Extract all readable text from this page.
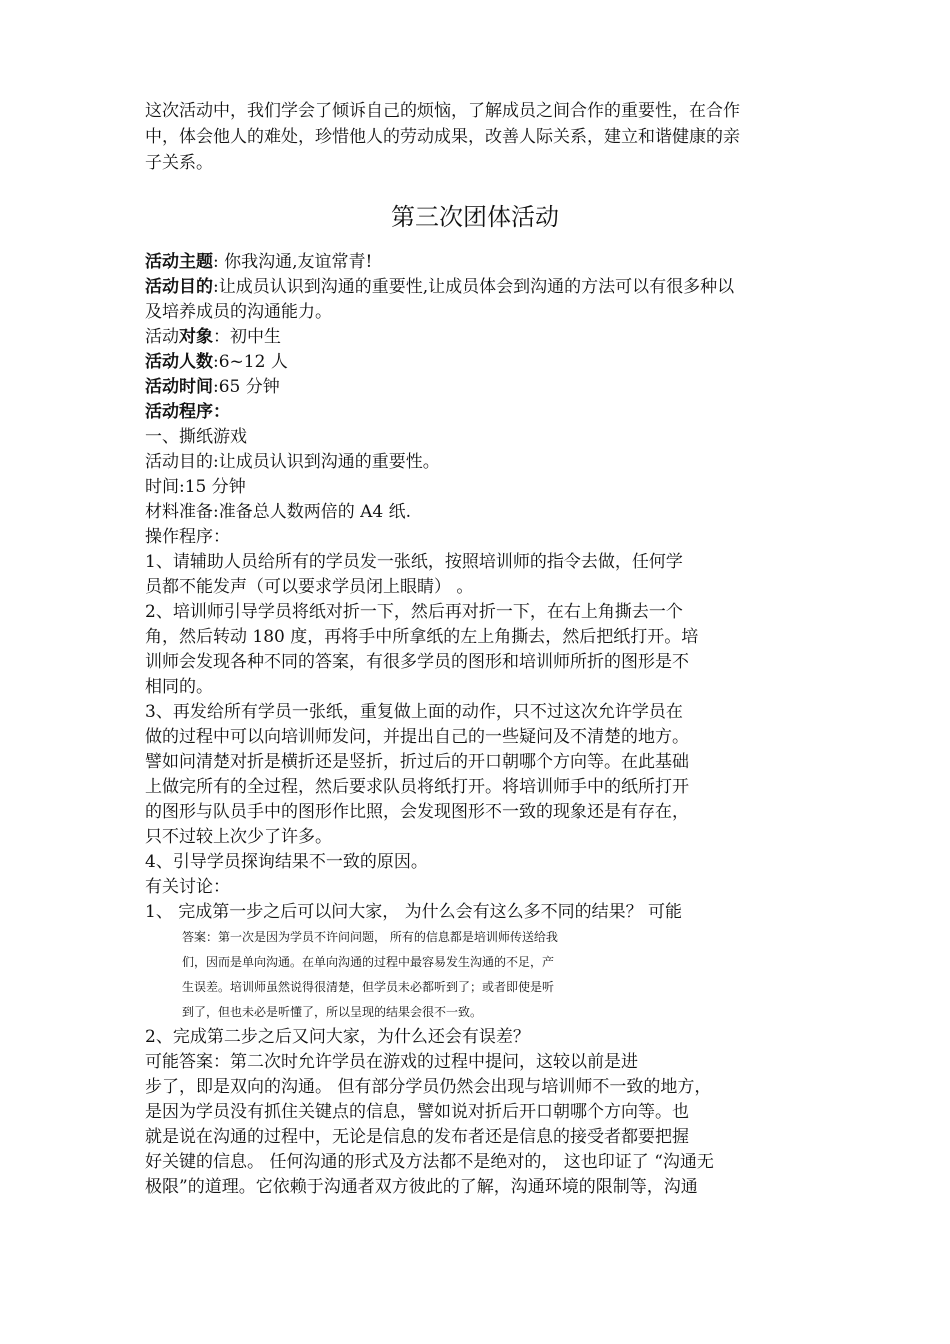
这次活动中，我们学会了倾诉自己的烦恼，了解成员之间合作的重要性，在合作
中，体会他人的难处，珍惜他人的劳动成果，改善人际关系，建立和谐健康的亲
子关系。
第三次团体活动
活动主题: 你我沟通,友谊常青!
活动目的:让成员认识到沟通的重要性,让成员体会到沟通的方法可以有很多种以
及培养成员的沟通能力。
活动对象：初中生
活动人数:6~12 人
活动时间:65 分钟
活动程序：
一、撕纸游戏
活动目的:让成员认识到沟通的重要性。
时间:15 分钟
材料准备:准备总人数两倍的 A4 纸.
操作程序：
1、请辅助人员给所有的学员发一张纸，按照培训师的指令去做，任何学
员都不能发声（可以要求学员闭上眼睛） 。
2、培训师引导学员将纸对折一下，然后再对折一下，在右上角撕去一个
角，然后转动 180 度，再将手中所拿纸的左上角撕去，然后把纸打开。培
训师会发现各种不同的答案，有很多学员的图形和培训师所折的图形是不
相同的。
3、再发给所有学员一张纸，重复做上面的动作，只不过这次允许学员在
做的过程中可以向培训师发问，并提出自己的一些疑问及不清楚的地方。
譬如问清楚对折是横折还是竖折，折过后的开口朝哪个方向等。在此基础
上做完所有的全过程，然后要求队员将纸打开。将培训师手中的纸所打开
的图形与队员手中的图形作比照，会发现图形不一致的现象还是有存在，
只不过较上次少了许多。
4、引导学员探询结果不一致的原因。
有关讨论：
1、 完成第一步之后可以问大家， 为什么会有这么多不同的结果？ 可能
答案：第一次是因为学员不许问问题， 所有的信息都是培训师传送给我
们，因而是单向沟通。在单向沟通的过程中最容易发生沟通的不足，产
生误差。培训师虽然说得很清楚，但学员未必都听到了；或者即使是听
到了，但也未必是听懂了，所以呈现的结果会很不一致。
2、完成第二步之后又问大家，为什么还会有误差？
可能答案：第二次时允许学员在游戏的过程中提问，这较以前是进
步了，即是双向的沟通。 但有部分学员仍然会出现与培训师不一致的地方，
是因为学员没有抓住关键点的信息，譬如说对折后开口朝哪个方向等。也
就是说在沟通的过程中，无论是信息的发布者还是信息的接受者都要把握
好关键的信息。 任何沟通的形式及方法都不是绝对的， 这也印证了 “沟通无
极限”的道理。它依赖于沟通者双方彼此的了解，沟通环境的限制等，沟通
